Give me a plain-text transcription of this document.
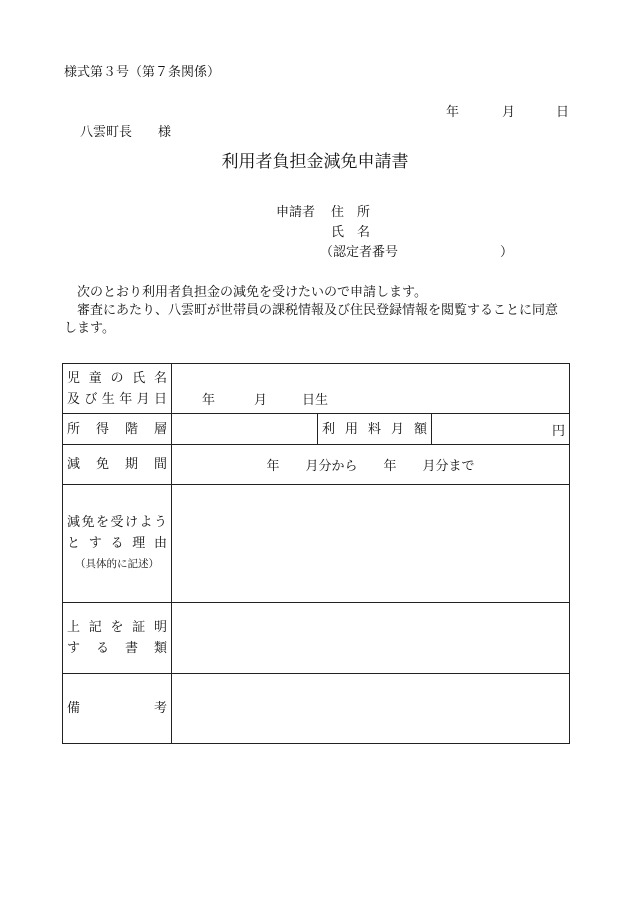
様式第３号（第７条関係）
年	月	日
八雲町長　　様
利用者負担金減免申請書
申請者 住　所
氏　名
（認定者番号	）
次のとおり利用者負担金の減免を受けたいので申請します。
審査にあたり、八雲町が世帯員の課税情報及び住民登録情報を閲覧することに同意します。
児童の氏名
及び生年月日	年 月 日生		

所得階層		利用料月額	円

減免期間	年　　月分から　　年　　月分まで		

減免を受けよう
とする理由
（具体的に記述）			

上記を証明
する書類			

備考			
